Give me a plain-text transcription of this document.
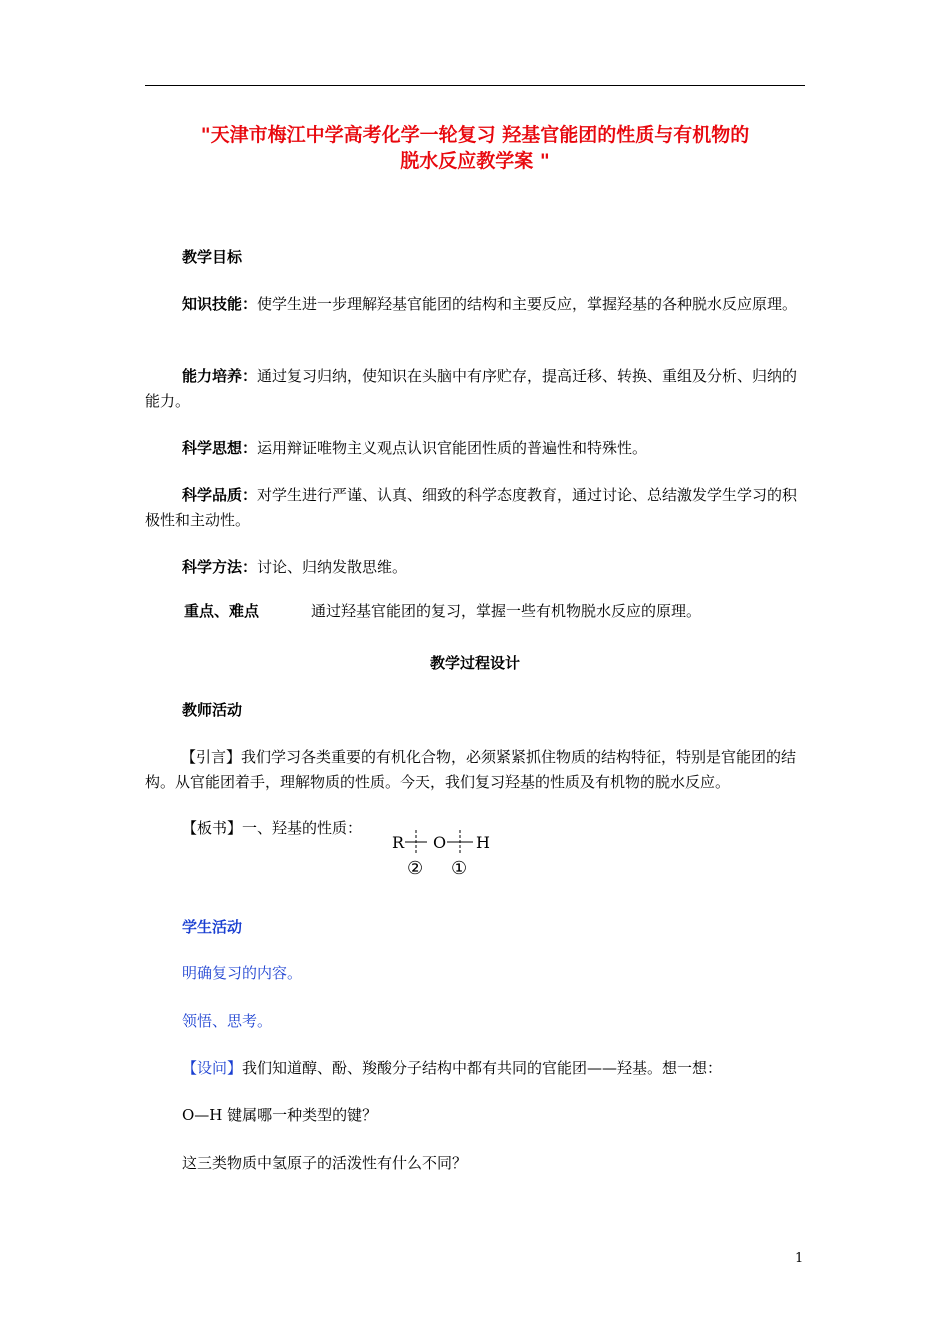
"天津市梅江中学高考化学一轮复习 羟基官能团的性质与有机物的
脱水反应教学案 "
教学目标
知识技能：使学生进一步理解羟基官能团的结构和主要反应，掌握羟基的各种脱水反应原理。
能力培养：通过复习归纳，使知识在头脑中有序贮存，提高迁移、转换、重组及分析、归纳的能力。
科学思想：运用辩证唯物主义观点认识官能团性质的普遍性和特殊性。
科学品质：对学生进行严谨、认真、细致的科学态度教育，通过讨论、总结激发学生学习的积极性和主动性。
科学方法：讨论、归纳发散思维。
重点、难点	通过羟基官能团的复习，掌握一些有机物脱水反应的原理。
教学过程设计
教师活动
【引言】我们学习各类重要的有机化合物，必须紧紧抓住物质的结构特征，特别是官能团的结构。从官能团着手，理解物质的性质。今天，我们复习羟基的性质及有机物的脱水反应。
【板书】一、羟基的性质：
R O H
② ①
学生活动
明确复习的内容。
领悟、思考。
【设问】我们知道醇、酚、羧酸分子结构中都有共同的官能团——羟基。想一想：
O—H 键属哪一种类型的键？
这三类物质中氢原子的活泼性有什么不同？
1
